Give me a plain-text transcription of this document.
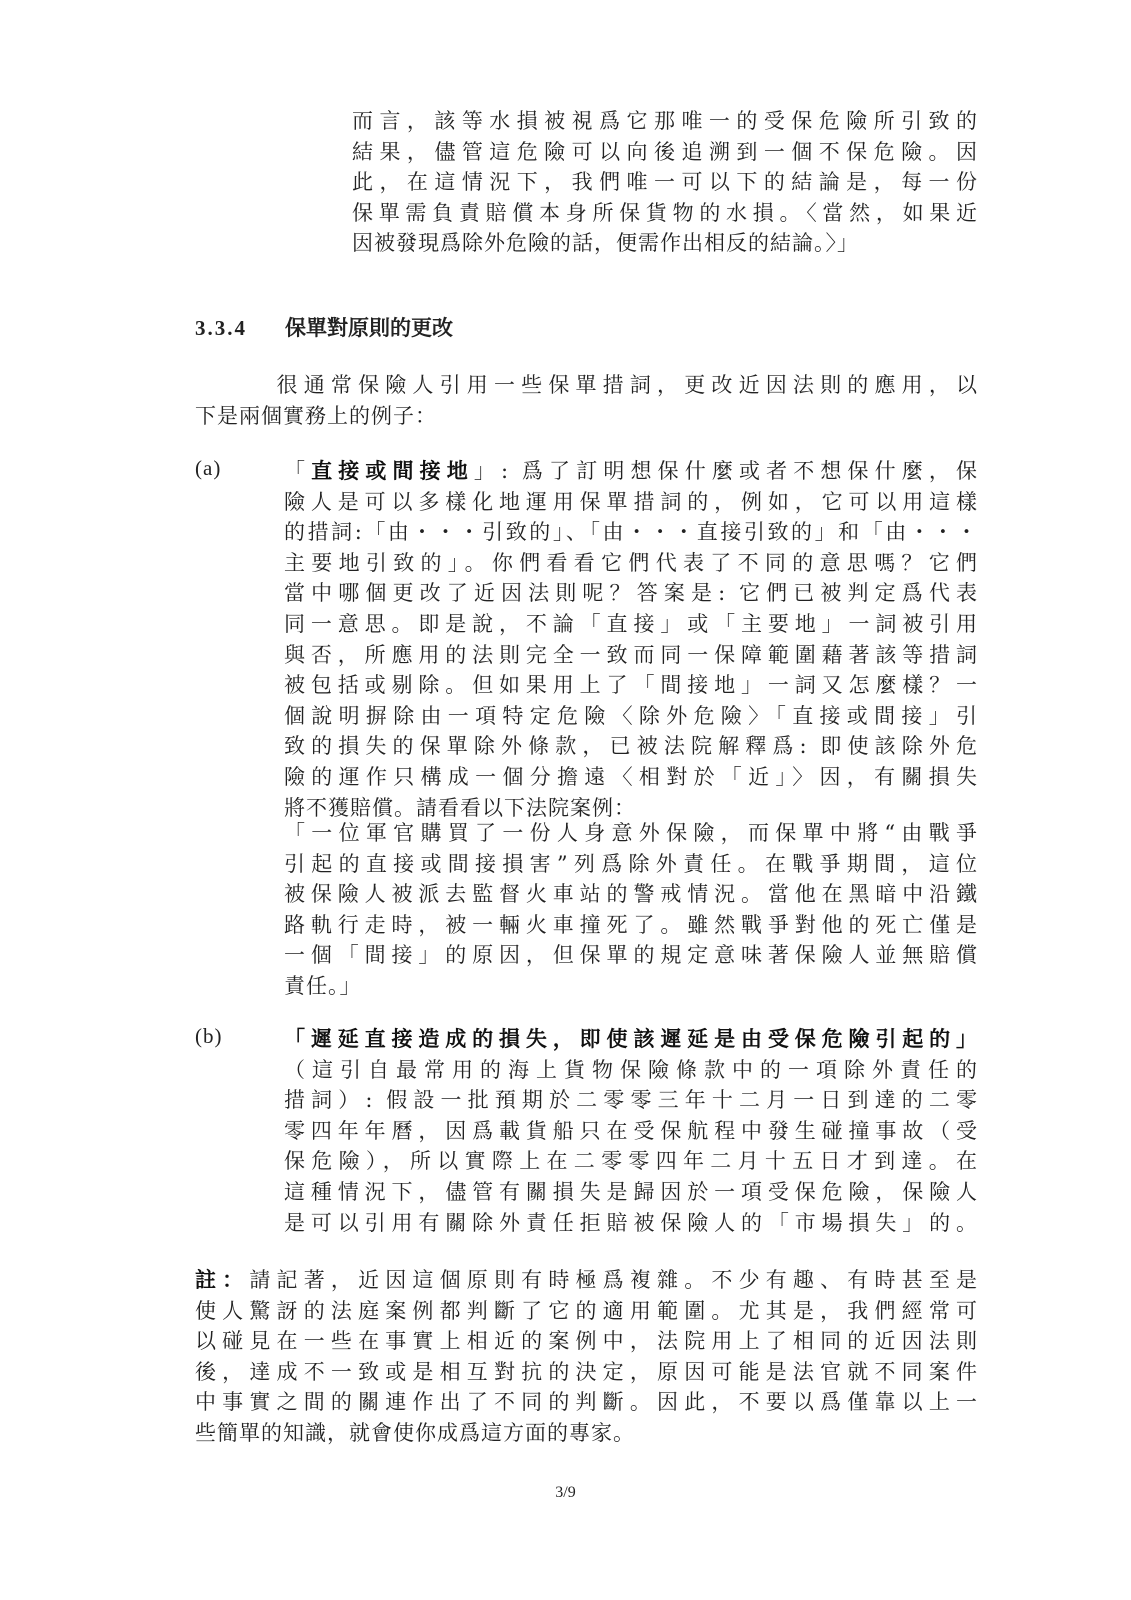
而言，該等水損被視爲它那唯一的受保危險所引致的
結果，儘管這危險可以向後追溯到一個不保危險。因
此，在這情況下，我們唯一可以下的結論是，每一份
保單需負責賠償本身所保貨物的水損。〈當然，如果近
因被發現爲除外危險的話，便需作出相反的結論。〉」
3.3.4 保單對原則的更改
　　　很通常保險人引用一些保單措詞，更改近因法則的應用，以
下是兩個實務上的例子：
(a)	「直接或間接地」: 爲了訂明想保什麼或者不想保什麼，保
險人是可以多樣化地運用保單措詞的，例如，它可以用這樣
的措詞:「由・・・引致的」、「由・・・直接引致的」和「由・・・
主要地引致的」。你們看看它們代表了不同的意思嗎？它們
當中哪個更改了近因法則呢？答案是: 它們已被判定爲代表
同一意思。即是說，不論「直接」或「主要地」一詞被引用
與否，所應用的法則完全一致而同一保障範圍藉著該等措詞
被包括或剔除。但如果用上了「間接地」一詞又怎麼樣？一
個說明摒除由一項特定危險〈除外危險〉「直接或間接」引
致的損失的保單除外條款，已被法院解釋爲: 即使該除外危
險的運作只構成一個分擔遠〈相對於「近」〉因，有關損失
將不獲賠償。請看看以下法院案例：
「一位軍官購買了一份人身意外保險，而保單中將“由戰爭
引起的直接或間接損害”列爲除外責任。在戰爭期間，這位
被保險人被派去監督火車站的警戒情況。當他在黑暗中沿鐵
路軌行走時，被一輛火車撞死了。雖然戰爭對他的死亡僅是
一個「間接」的原因，但保單的規定意味著保險人並無賠償
責任。」
(b)	「遲延直接造成的損失，即使該遲延是由受保危險引起的」
（這引自最常用的海上貨物保險條款中的一項除外責任的
措詞）: 假設一批預期於二零零三年十二月一日到達的二零
零四年年曆，因爲載貨船只在受保航程中發生碰撞事故（受
保危險），所以實際上在二零零四年二月十五日才到達。在
這種情況下，儘管有關損失是歸因於一項受保危險，保險人
是可以引用有關除外責任拒賠被保險人的「市場損失」的。
註：請記著，近因這個原則有時極爲複雜。不少有趣、有時甚至是
使人驚訝的法庭案例都判斷了它的適用範圍。尤其是，我們經常可
以碰見在一些在事實上相近的案例中，法院用上了相同的近因法則
後，達成不一致或是相互對抗的決定，原因可能是法官就不同案件
中事實之間的關連作出了不同的判斷。因此，不要以爲僅靠以上一
些簡單的知識，就會使你成爲這方面的專家。
3/9
